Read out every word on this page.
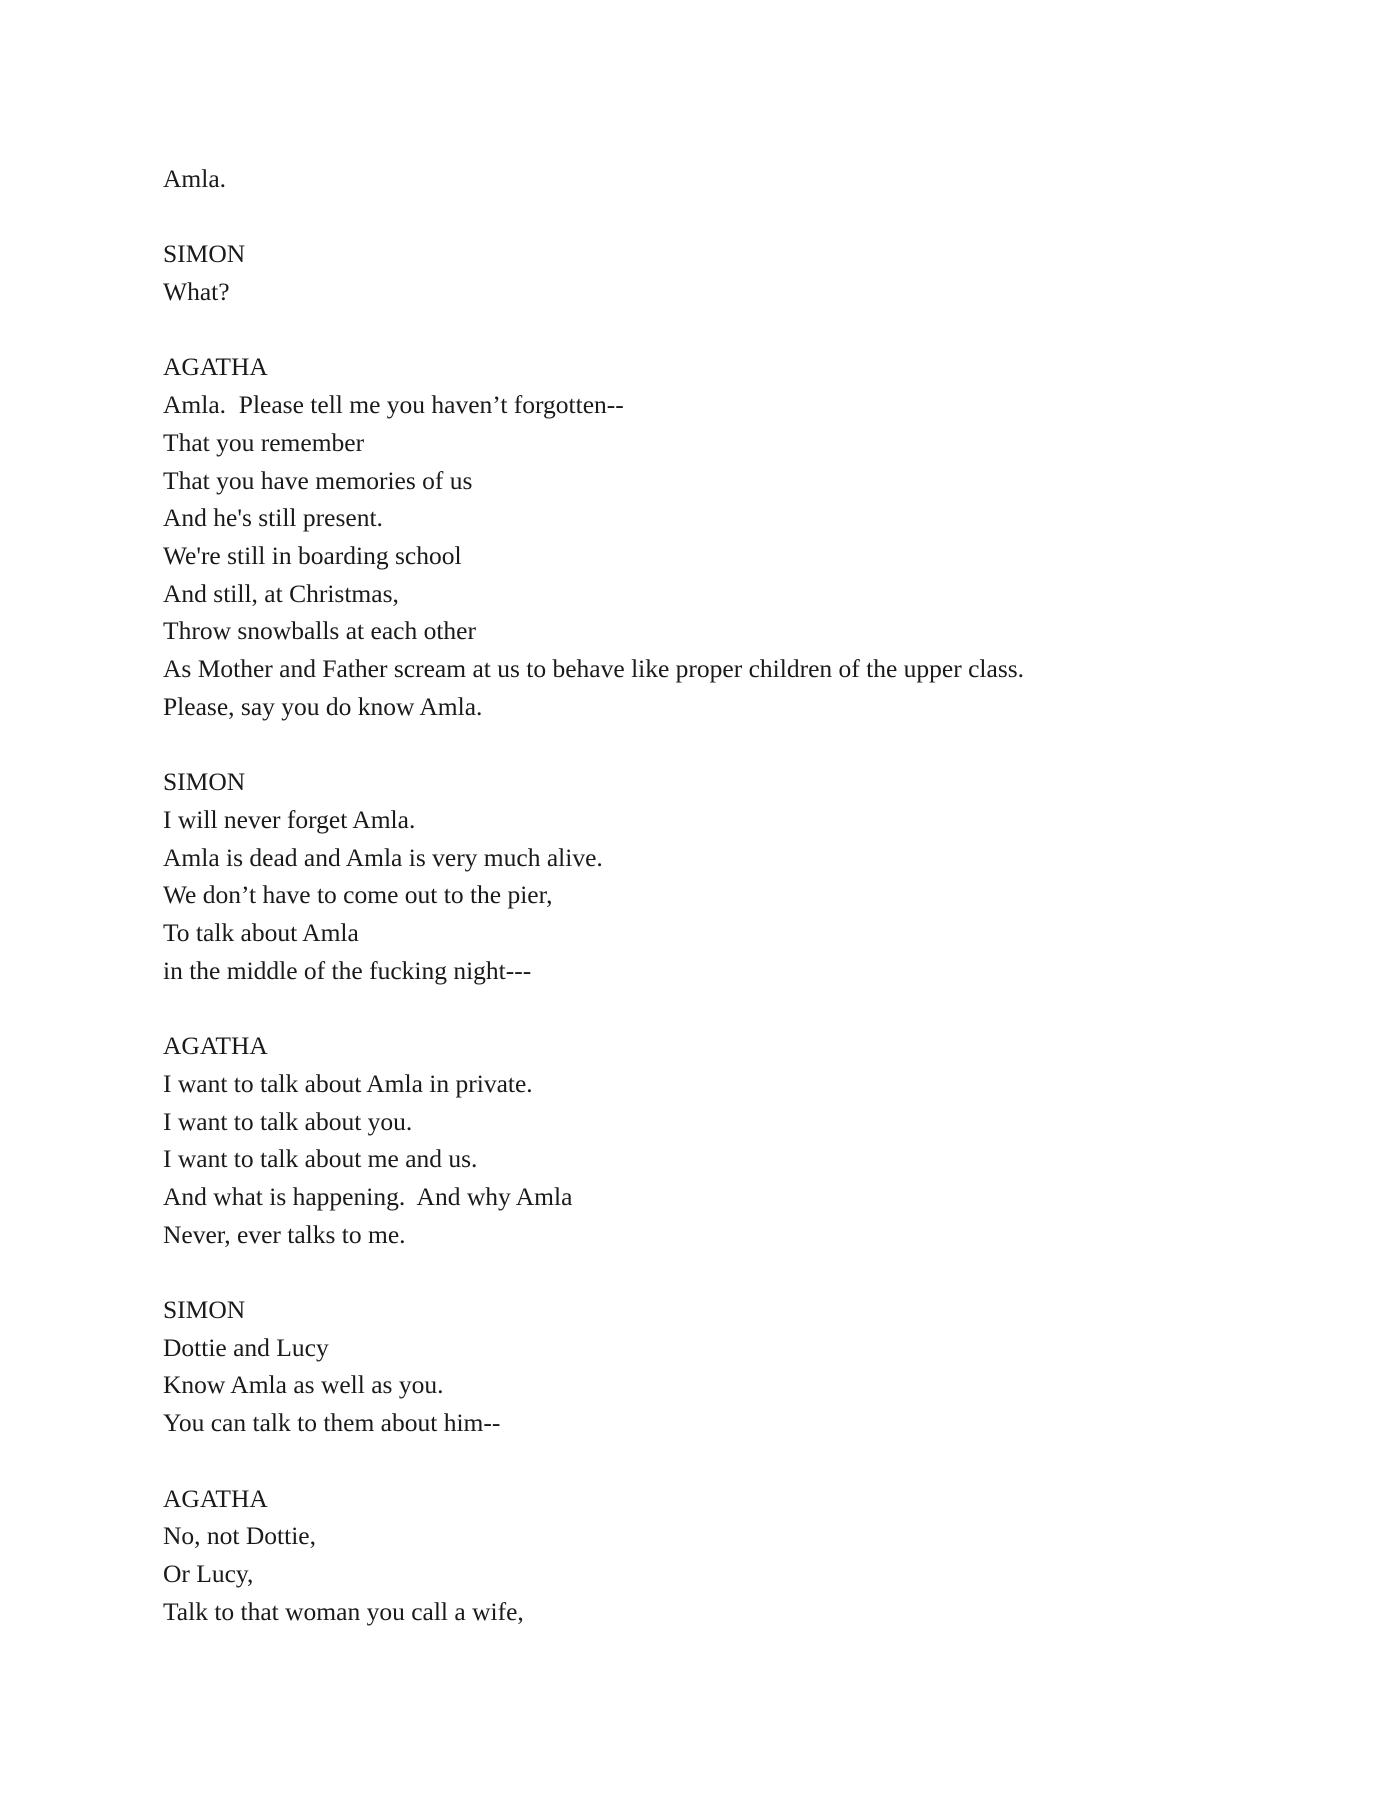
Amla.
SIMON
What?
AGATHA
Amla.  Please tell me you haven’t forgotten--
That you remember
That you have memories of us
And he's still present.
We're still in boarding school
And still, at Christmas,
Throw snowballs at each other
As Mother and Father scream at us to behave like proper children of the upper class.
Please, say you do know Amla.
SIMON
I will never forget Amla.
Amla is dead and Amla is very much alive.
We don’t have to come out to the pier,
To talk about Amla
in the middle of the fucking night---
AGATHA
I want to talk about Amla in private.
I want to talk about you.
I want to talk about me and us.
And what is happening.  And why Amla
Never, ever talks to me.
SIMON
Dottie and Lucy
Know Amla as well as you.
You can talk to them about him--
AGATHA
No, not Dottie,
Or Lucy,
Talk to that woman you call a wife,
